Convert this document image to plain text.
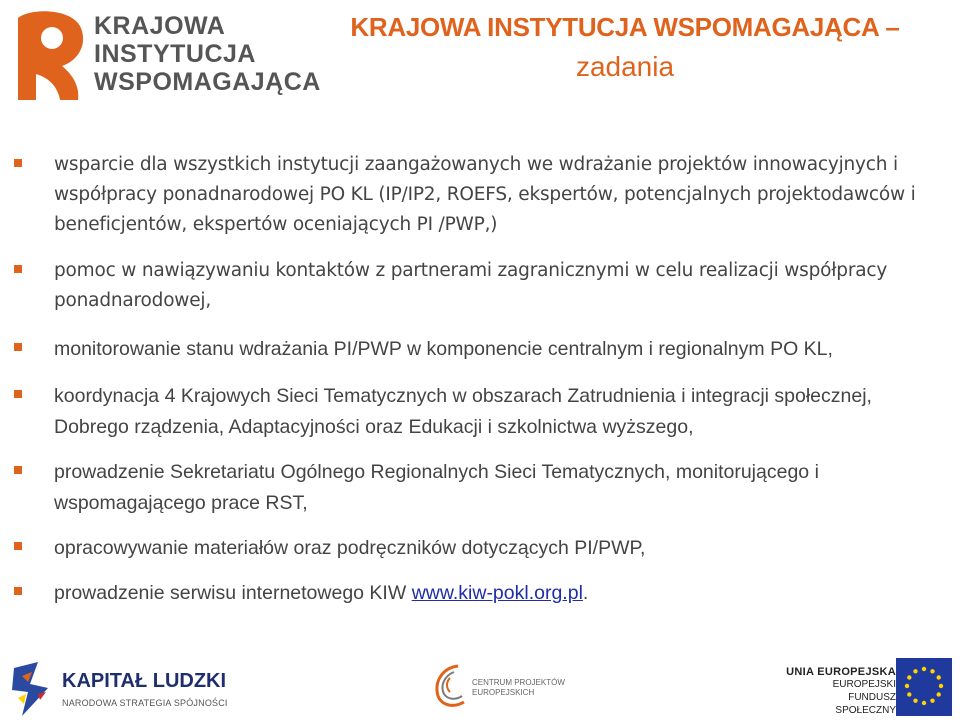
KRAJOWA
INSTYTUCJA
WSPOMAGAJĄCA
KRAJOWA INSTYTUCJA WSPOMAGAJĄCA –
zadania
wsparcie dla wszystkich instytucji zaangażowanych we wdrażanie projektów innowacyjnych i współpracy ponadnarodowej PO KL (IP/IP2, ROEFS, ekspertów, potencjalnych projektodawców i beneficjentów, ekspertów oceniających PI /PWP,)
pomoc w nawiązywaniu kontaktów z partnerami zagranicznymi w celu realizacji współpracy ponadnarodowej,
monitorowanie stanu wdrażania PI/PWP w komponencie centralnym i regionalnym PO KL,
koordynacja 4 Krajowych Sieci Tematycznych w obszarach Zatrudnienia i integracji społecznej, Dobrego rządzenia, Adaptacyjności oraz Edukacji i szkolnictwa wyższego,
prowadzenie Sekretariatu Ogólnego Regionalnych Sieci Tematycznych, monitorującego i wspomagającego prace RST,
opracowywanie materiałów oraz podręczników dotyczących PI/PWP,
prowadzenie serwisu internetowego KIW www.kiw-pokl.org.pl.
KAPITAŁ LUDZKI
NARODOWA STRATEGIA SPÓJNOŚCI
CENTRUM PROJEKTÓW
EUROPEJSKICH
UNIA EUROPEJSKA
EUROPEJSKI
FUNDUSZ SPOŁECZNY
